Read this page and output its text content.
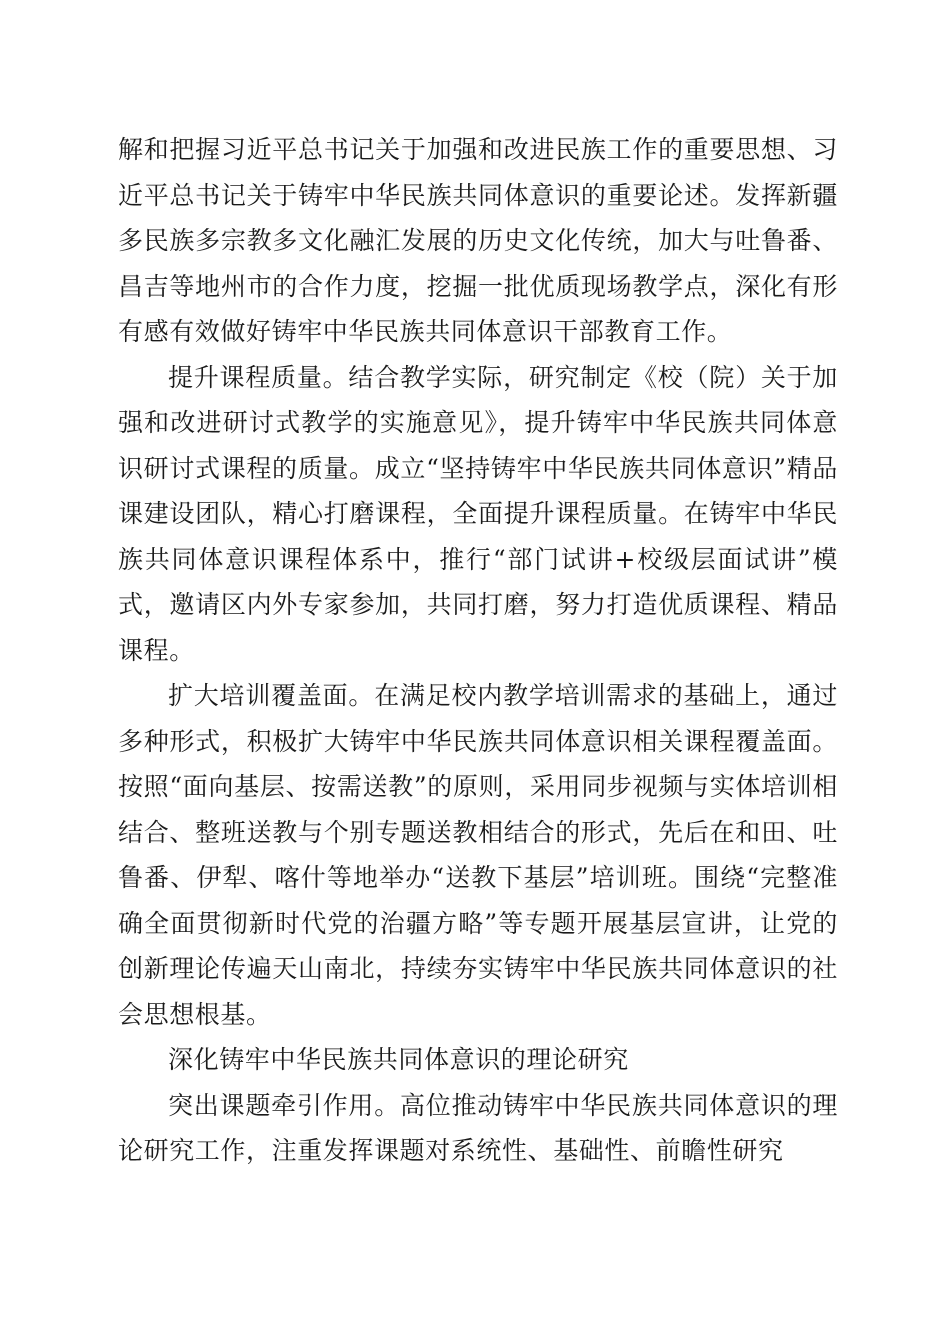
解和把握习近平总书记关于加强和改进民族工作的重要思想、习近平总书记关于铸牢中华民族共同体意识的重要论述。发挥新疆多民族多宗教多文化融汇发展的历史文化传统，加大与吐鲁番、昌吉等地州市的合作力度，挖掘一批优质现场教学点，深化有形有感有效做好铸牢中华民族共同体意识干部教育工作。

提升课程质量。结合教学实际，研究制定《校（院）关于加强和改进研讨式教学的实施意见》，提升铸牢中华民族共同体意识研讨式课程的质量。成立“坚持铸牢中华民族共同体意识”精品课建设团队，精心打磨课程，全面提升课程质量。在铸牢中华民族共同体意识课程体系中，推行“部门试讲+校级层面试讲”模式，邀请区内外专家参加，共同打磨，努力打造优质课程、精品课程。

扩大培训覆盖面。在满足校内教学培训需求的基础上，通过多种形式，积极扩大铸牢中华民族共同体意识相关课程覆盖面。按照“面向基层、按需送教”的原则，采用同步视频与实体培训相结合、整班送教与个别专题送教相结合的形式，先后在和田、吐鲁番、伊犁、喀什等地举办“送教下基层”培训班。围绕“完整准确全面贯彻新时代党的治疆方略”等专题开展基层宣讲，让党的创新理论传遍天山南北，持续夯实铸牢中华民族共同体意识的社会思想根基。

深化铸牢中华民族共同体意识的理论研究

突出课题牵引作用。高位推动铸牢中华民族共同体意识的理论研究工作，注重发挥课题对系统性、基础性、前瞻性研究
